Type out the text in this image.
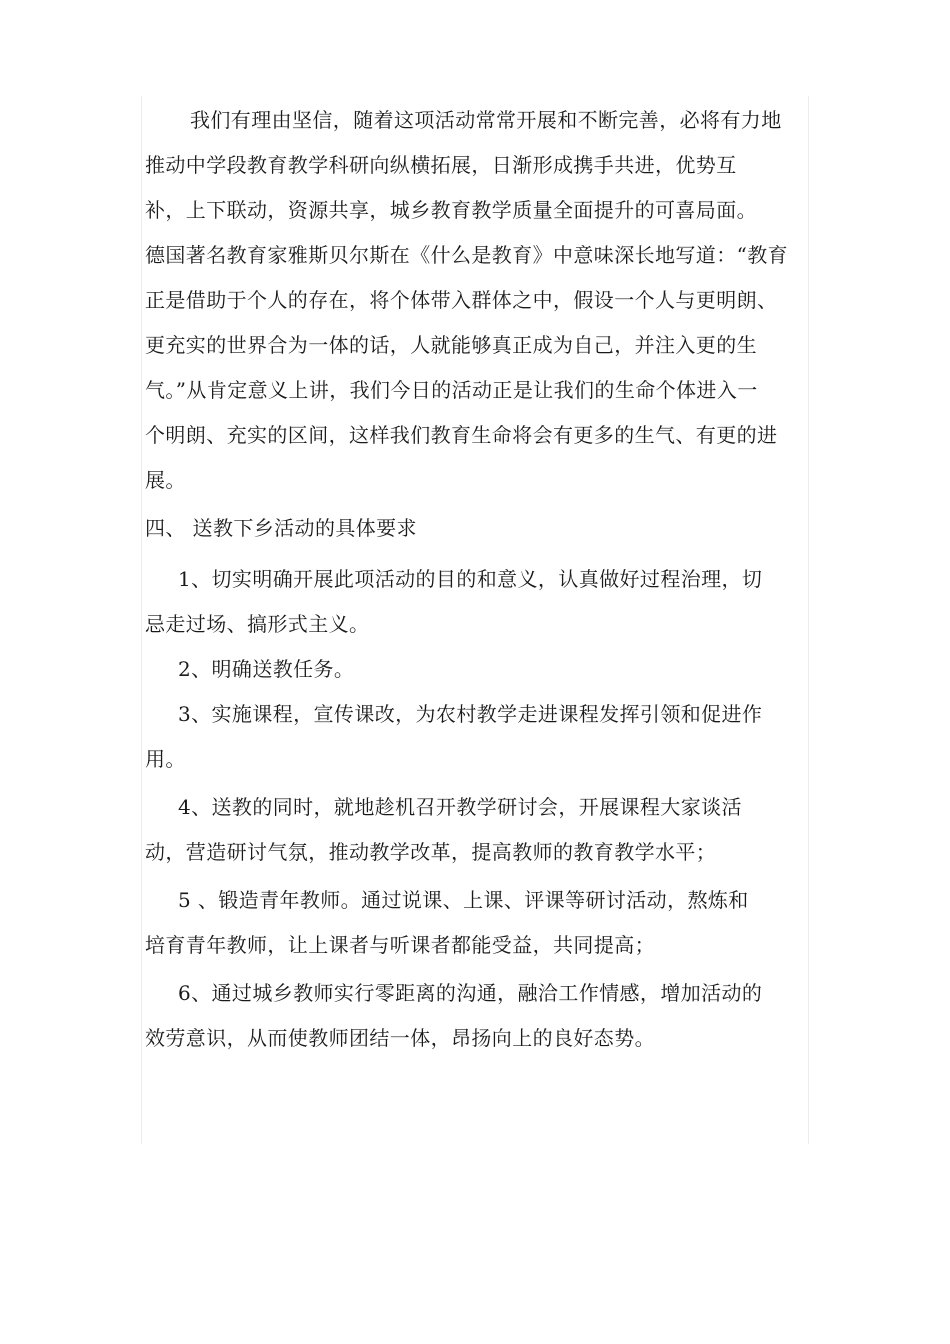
我们有理由坚信，随着这项活动常常开展和不断完善，必将有力地
推动中学段教育教学科研向纵横拓展，日渐形成携手共进，优势互
补，上下联动，资源共享，城乡教育教学质量全面提升的可喜局面。
德国著名教育家雅斯贝尔斯在《什么是教育》中意味深长地写道：“教育
正是借助于个人的存在，将个体带入群体之中，假设一个人与更明朗、
更充实的世界合为一体的话，人就能够真正成为自己，并注入更的生
气。”从肯定意义上讲，我们今日的活动正是让我们的生命个体进入一
个明朗、充实的区间，这样我们教育生命将会有更多的生气、有更的进
展。
四、 送教下乡活动的具体要求
1、切实明确开展此项活动的目的和意义，认真做好过程治理，切
忌走过场、搞形式主义。
2、明确送教任务。
3、实施课程，宣传课改，为农村教学走进课程发挥引领和促进作
用。
4、送教的同时，就地趁机召开教学研讨会，开展课程大家谈活
动，营造研讨气氛，推动教学改革，提高教师的教育教学水平；
5 、锻造青年教师。通过说课、上课、评课等研讨活动，熬炼和
培育青年教师，让上课者与听课者都能受益，共同提高；
6、通过城乡教师实行零距离的沟通，融洽工作情感，增加活动的
效劳意识，从而使教师团结一体，昂扬向上的良好态势。
